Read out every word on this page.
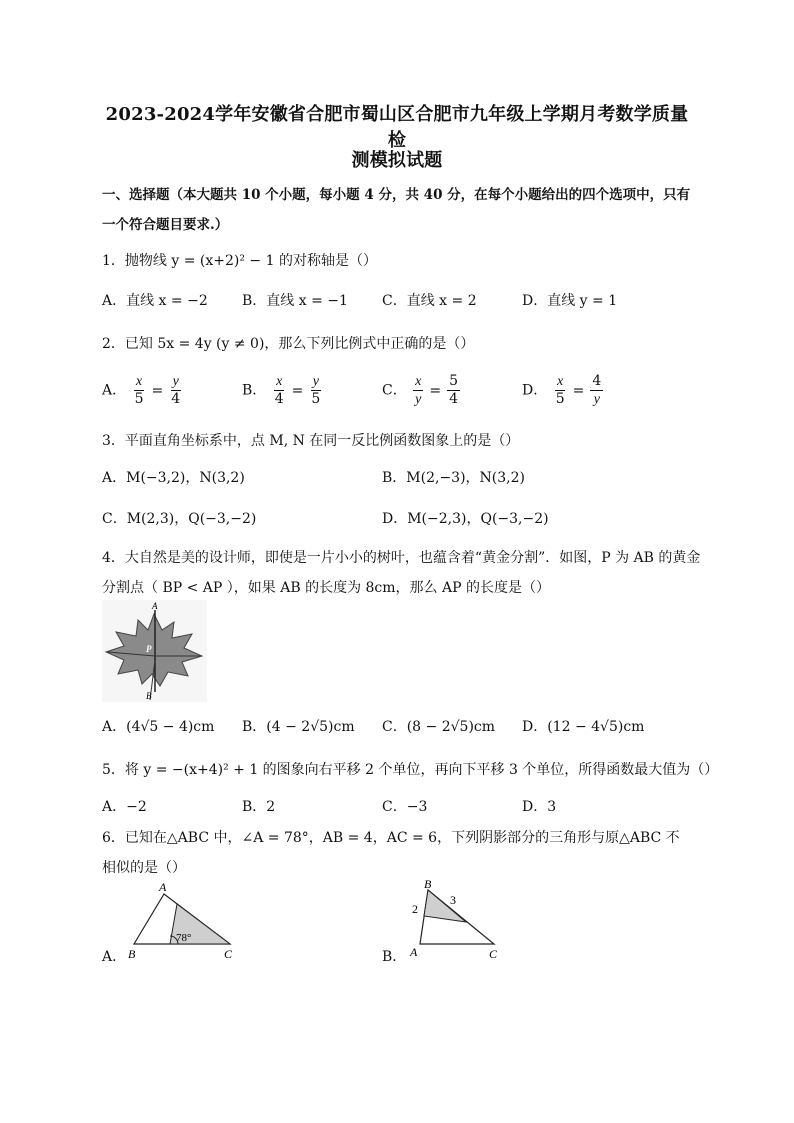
2023-2024学年安徽省合肥市蜀山区合肥市九年级上学期月考数学质量检
测模拟试题
一、选择题（本大题共 10 个小题，每小题 4 分，共 40 分，在每个小题给出的四个选项中，只有
一个符合题目要求.）
1．抛物线 y = (x+2)² − 1 的对称轴是（）
A．直线 x = −2 B．直线 x = −1 C．直线 x = 2	D．直线 y = 1
2．已知 5x = 4y (y ≠ 0)，那么下列比例式中正确的是（）
A． $\frac{x}{5} = \frac{y}{4}$	B． $\frac{x}{4} = \frac{y}{5}$	C． $\frac{x}{y} = \frac{5}{4}$	D． $\frac{x}{5} = \frac{4}{y}$
3．平面直角坐标系中，点 M, N 在同一反比例函数图象上的是（）
A．M(−3,2)，N(3,2)	B．M(2,−3)，N(3,2)
C．M(2,3)，Q(−3,−2)	D．M(−2,3)，Q(−3,−2)
4．大自然是美的设计师，即使是一片小小的树叶，也蕴含着“黄金分割”．如图，P 为 AB 的黄金
分割点（ BP < AP ），如果 AB 的长度为 8cm，那么 AP 的长度是（）
A
P
B
A．(4√5 − 4)cm B．(4 − 2√5)cm C．(8 − 2√5)cm D．(12 − 4√5)cm
5．将 y = −(x+4)² + 1 的图象向右平移 2 个单位，再向下平移 3 个单位，所得函数最大值为（）
A．−2	B．2	C．−3	D．3
6．已知在△ABC 中，∠A = 78°，AB = 4，AC = 6，下列阴影部分的三角形与原△ABC 不
相似的是（）
A．
A
B	C
78°
B．
B
A	C
2
3
